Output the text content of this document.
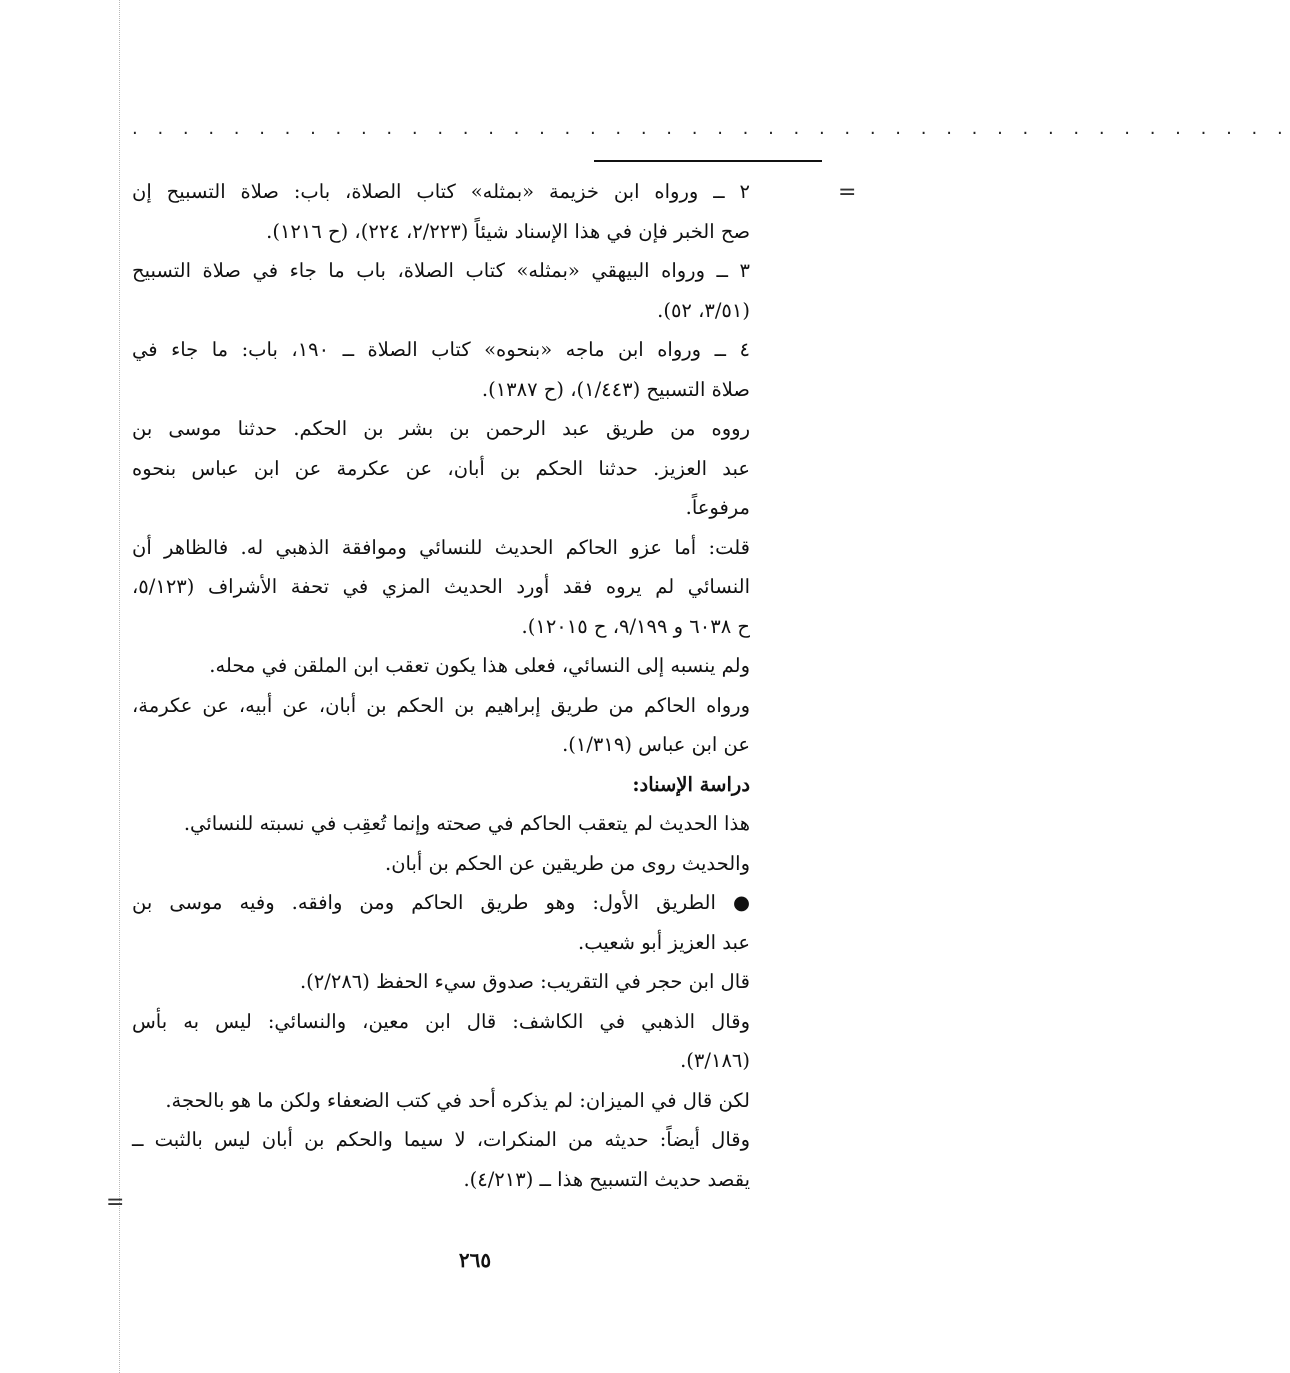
. . . . . . . . . . . . . . . . . . . . . . . . . . . . . . . . . . . . . . . . . . . . . .
=
=
٢ ــ ورواه ابن خزيمة «بمثله» كتاب الصلاة، باب: صلاة التسبيح إن
صح الخبر فإن في هذا الإسناد شيئاً (٢/٢٢٣، ٢٢٤)، (ح ١٢١٦).
٣ ــ ورواه البيهقي «بمثله» كتاب الصلاة، باب ما جاء في صلاة التسبيح
(٣/٥١، ٥٢).
٤ ــ ورواه ابن ماجه «بنحوه» كتاب الصلاة ــ ١٩٠، باب: ما جاء في
صلاة التسبيح (١/٤٤٣)، (ح ١٣٨٧).
رووه من طريق عبد الرحمن بن بشر بن الحكم. حدثنا موسى بن
عبد العزيز. حدثنا الحكم بن أبان، عن عكرمة عن ابن عباس بنحوه
مرفوعاً.
قلت: أما عزو الحاكم الحديث للنسائي وموافقة الذهبي له. فالظاهر أن
النسائي لم يروه فقد أورد الحديث المزي في تحفة الأشراف (٥/١٢٣،
ح ٦٠٣٨ و ٩/١٩٩، ح ١٢٠١٥).
ولم ينسبه إلى النسائي، فعلى هذا يكون تعقب ابن الملقن في محله.
ورواه الحاكم من طريق إبراهيم بن الحكم بن أبان، عن أبيه، عن عكرمة،
عن ابن عباس (١/٣١٩).
دراسة الإسناد:
هذا الحديث لم يتعقب الحاكم في صحته وإنما تُعقِب في نسبته للنسائي.
والحديث روى من طريقين عن الحكم بن أبان.
● الطريق الأول: وهو طريق الحاكم ومن وافقه. وفيه موسى بن
عبد العزيز أبو شعيب.
قال ابن حجر في التقريب: صدوق سيء الحفظ (٢/٢٨٦).
وقال الذهبي في الكاشف: قال ابن معين، والنسائي: ليس به بأس
(٣/١٨٦).
لكن قال في الميزان: لم يذكره أحد في كتب الضعفاء ولكن ما هو بالحجة.
وقال أيضاً: حديثه من المنكرات، لا سيما والحكم بن أبان ليس بالثبت ــ
يقصد حديث التسبيح هذا ــ (٤/٢١٣).
٢٦٥
